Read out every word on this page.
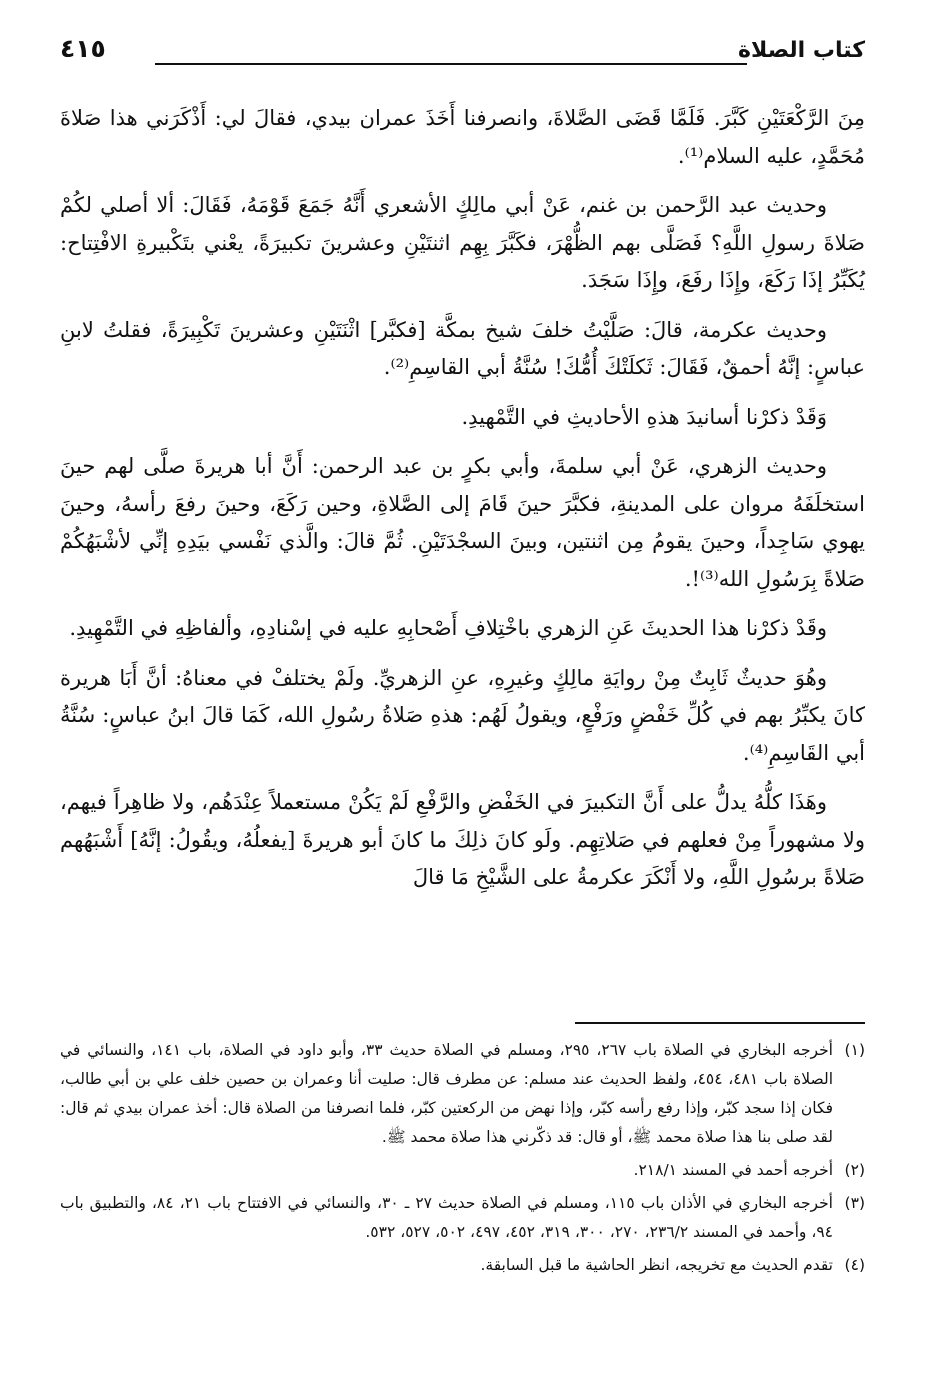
كتاب الصلاة
٤١٥

مِنَ الرَّكْعَتَيْنِ كَبَّرَ. فَلَمَّا قَضَى الصَّلاةَ، وانصرفنا أَخَذَ عمران بيدي، فقالَ لي: أَذْكَرَني هذا صَلاةَ مُحَمَّدٍ، عليه السلام⁽¹⁾.

وحديث عبد الرَّحمن بن غنم، عَنْ أبي مالِكٍ الأشعري أَنَّهُ جَمَعَ قَوْمَهُ، فَقَالَ: ألا أصلي لكُمْ صَلاةَ رسولِ اللَّهِ؟ فَصَلَّى بهم الظُّهْرَ، فكَبَّرَ بِهِم اثنتَيْنِ وعشرينَ تكبيرَةً، يعْني بتَكْبيرةِ الافْتِتاح: يُكَبِّرُ إذَا رَكَعَ، وإِذَا رفَعَ، وإِذَا سَجَدَ.

وحديث عكرمة، قالَ: صَلَّيْتُ خلفَ شيخ بمكَّة [فكبَّر] اثْنَتَيْنِ وعشرينَ تَكْبِيرَةً، فقلتُ لابنِ عباسٍ: إنَّهُ أحمقٌ، فَقَالَ: ثَكلَتْكَ أُمُّكَ! سُنَّةُ أبي القاسِمِ⁽²⁾.

وَقَدْ ذكرْنا أسانيدَ هذهِ الأحاديثِ في التَّمْهيدِ.

وحديث الزهري، عَنْ أبي سلمةَ، وأبي بكرٍ بن عبد الرحمن: أَنَّ أبا هريرةَ صلَّى لهم حينَ استخلَفَهُ مروان على المدينةِ، فكبَّرَ حينَ قَامَ إلى الصَّلاةِ، وحين رَكَعَ، وحينَ رفعَ رأسهُ، وحينَ يهوي سَاجِداً، وحينَ يقومُ مِن اثنتين، وبينَ السجْدَتَيْنِ. ثُمَّ قالَ: والَّذي نَفْسي بيَدِهِ إنِّي لأشْبَهُكُمْ صَلاةً بِرَسُولِ الله⁽³⁾!.

وقَدْ ذكرْنا هذا الحديثَ عَنِ الزهري باخْتِلافِ أَصْحابِهِ عليه في إسْنادِهِ، وألفاظِهِ في التَّمْهِيدِ.

وهُوَ حديثٌ ثَابِتٌ مِنْ روايَةِ مالِكٍ وغيرِهِ، عنِ الزهريِّ. ولَمْ يختلفْ في معناهُ: أنَّ أَبَا هريرة كانَ يكبِّرُ بهم في كُلِّ خَفْضٍ ورَفْعٍ، ويقولُ لَهُم: هذهِ صَلاةُ رسُولِ الله، كَمَا قالَ ابنُ عباسٍ: سُنَّةُ أبي القَاسِمِ⁽⁴⁾.

وهَذَا كلُّهُ يدلُّ على أَنَّ التكبيرَ في الخَفْضِ والرَّفْعِ لَمْ يَكُنْ مستعملاً عِنْدَهُم، ولا ظاهِراً فيهم، ولا مشهوراً مِنْ فعلهم في صَلاتِهِم. ولَو كانَ ذلِكَ ما كانَ أبو هريرةَ [يفعلُهُ، ويقُولُ: إنَّهُ] أَشْبَهُهم صَلاةً برسُولِ اللَّهِ، ولا أَنْكَرَ عكرمةُ على الشَّيْخِ مَا قالَ

(١)
أخرجه البخاري في الصلاة باب ٢٦٧، ٢٩٥، ومسلم في الصلاة حديث ٣٣، وأبو داود في الصلاة، باب ١٤١، والنسائي في الصلاة باب ٤٨١، ٤٥٤، ولفظ الحديث عند مسلم: عن مطرف قال: صليت أنا وعمران بن حصين خلف علي بن أبي طالب، فكان إذا سجد كبّر، وإذا رفع رأسه كبّر، وإذا نهض من الركعتين كبّر، فلما انصرفنا من الصلاة قال: أخذ عمران بيدي ثم قال: لقد صلى بنا هذا صلاة محمد ﷺ، أو قال: قد ذكّرني هذا صلاة محمد ﷺ.
(٢)
أخرجه أحمد في المسند ٢١٨/١.
(٣)
أخرجه البخاري في الأذان باب ١١٥، ومسلم في الصلاة حديث ٢٧ ـ ٣٠، والنسائي في الافتتاح باب ٢١، ٨٤، والتطبيق باب ٩٤، وأحمد في المسند ٢٣٦/٢، ٢٧٠، ٣٠٠، ٣١٩، ٤٥٢، ٤٩٧، ٥٠٢، ٥٢٧، ٥٣٢.
(٤)
تقدم الحديث مع تخريجه، انظر الحاشية ما قبل السابقة.
